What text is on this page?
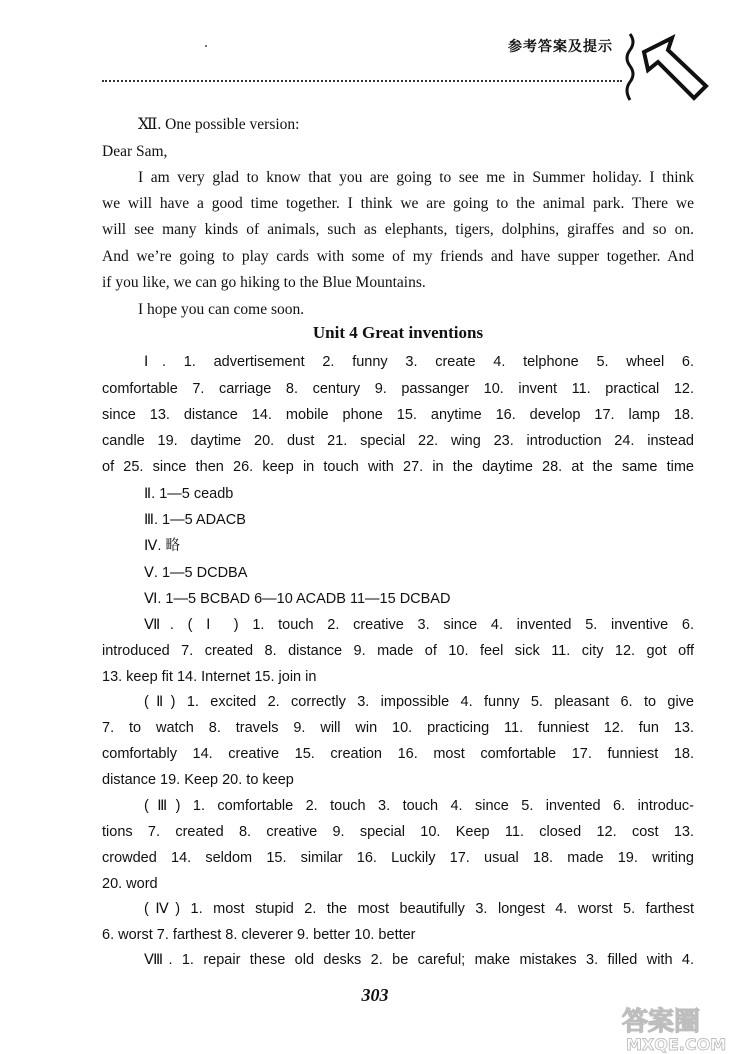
参考答案及提示
Ⅻ. One possible version:
Dear Sam,
I am very glad to know that you are going to see me in Summer holiday. I think
we will have a good time together. I think we are going to the animal park. There we
will see many kinds of animals, such as elephants, tigers, dolphins, giraffes and so on.
And we’re going to play cards with some of my friends and have supper together. And
if you like, we can go hiking to the Blue Mountains.
I hope you can come soon.
Unit 4 Great inventions
Ⅰ. 1. advertisement 2. funny 3. create 4. telphone 5. wheel 6.
comfortable 7. carriage 8. century 9. passanger 10. invent 11. practical 12.
since 13. distance 14. mobile phone 15. anytime 16. develop 17. lamp 18.
candle 19. daytime 20. dust 21. special 22. wing 23. introduction 24. instead
of 25. since then 26. keep in touch with 27. in the daytime 28. at the same time
Ⅱ. 1—5 ceadb
Ⅲ. 1—5 ADACB
Ⅳ. 略
Ⅴ. 1—5 DCDBA
Ⅵ. 1—5 BCBAD 6—10 ACADB 11—15 DCBAD
Ⅶ. ( Ⅰ ) 1. touch 2. creative 3. since 4. invented 5. inventive 6.
introduced 7. created 8. distance 9. made of 10. feel sick 11. city 12. got off
13. keep fit 14. Internet 15. join in
(Ⅱ) 1. excited 2. correctly 3. impossible 4. funny 5. pleasant 6. to give
7. to watch 8. travels 9. will win 10. practicing 11. funniest 12. fun 13.
comfortably 14. creative 15. creation 16. most comfortable 17. funniest 18.
distance 19. Keep 20. to keep
(Ⅲ) 1. comfortable 2. touch 3. touch 4. since 5. invented 6. introduc-
tions 7. created 8. creative 9. special 10. Keep 11. closed 12. cost 13.
crowded 14. seldom 15. similar 16. Luckily 17. usual 18. made 19. writing
20. word
(Ⅳ) 1. most stupid 2. the most beautifully 3. longest 4. worst 5. farthest
6. worst 7. farthest 8. cleverer 9. better 10. better
Ⅷ. 1. repair these old desks 2. be careful; make mistakes 3. filled with 4.
303
答案圈
MXQE.COM
